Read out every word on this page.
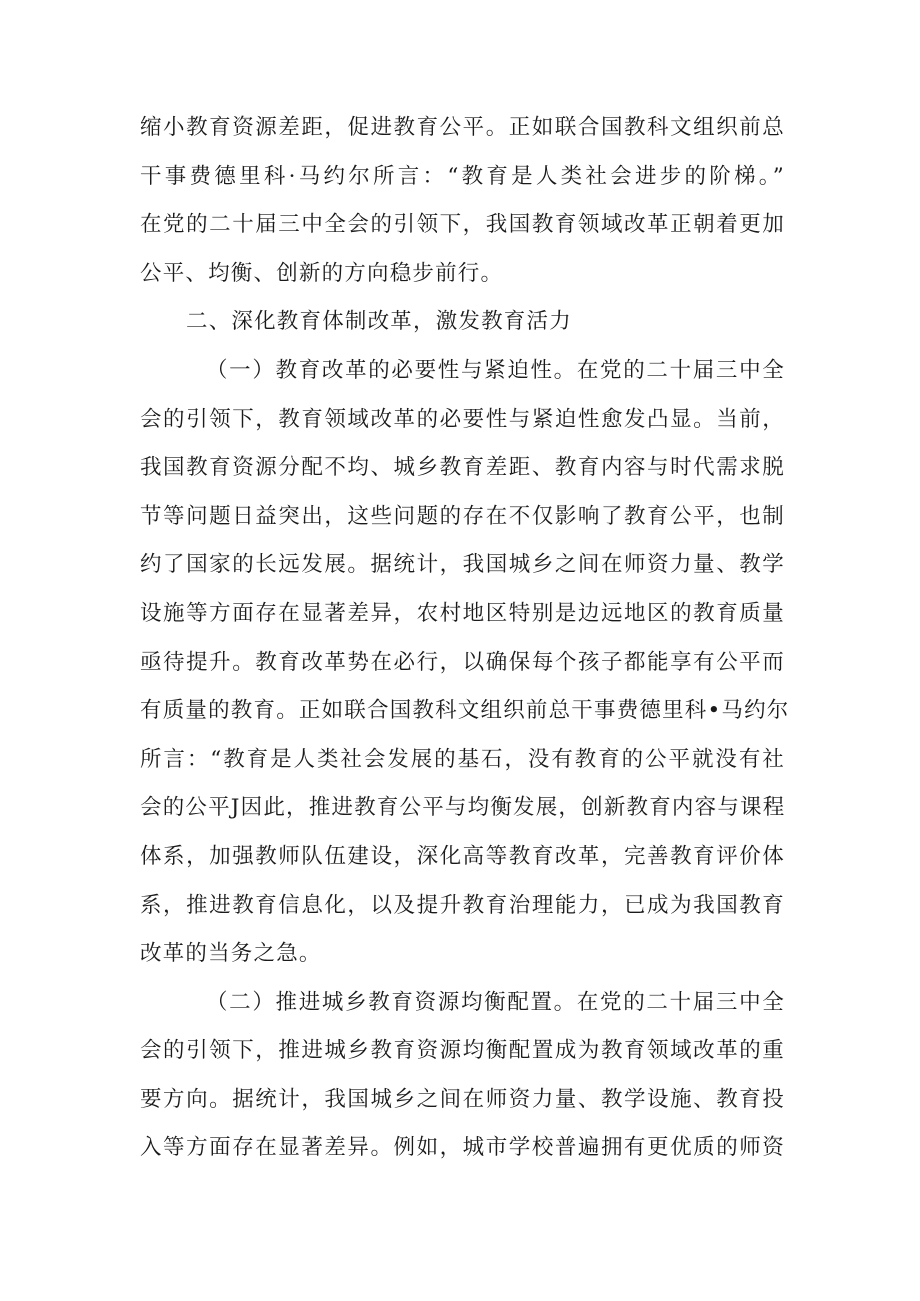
缩小教育资源差距，促进教育公平。正如联合国教科文组织前总
干事费德里科·马约尔所言：“教育是人类社会进步的阶梯。”
在党的二十届三中全会的引领下，我国教育领域改革正朝着更加
公平、均衡、创新的方向稳步前行。
二、深化教育体制改革，激发教育活力
（一）教育改革的必要性与紧迫性。在党的二十届三中全
会的引领下，教育领域改革的必要性与紧迫性愈发凸显。当前，
我国教育资源分配不均、城乡教育差距、教育内容与时代需求脱
节等问题日益突出，这些问题的存在不仅影响了教育公平，也制
约了国家的长远发展。据统计，我国城乡之间在师资力量、教学
设施等方面存在显著差异，农村地区特别是边远地区的教育质量
亟待提升。教育改革势在必行，以确保每个孩子都能享有公平而
有质量的教育。正如联合国教科文组织前总干事费德里科•马约尔
所言：“教育是人类社会发展的基石，没有教育的公平就没有社
会的公平J因此，推进教育公平与均衡发展，创新教育内容与课程
体系，加强教师队伍建设，深化高等教育改革，完善教育评价体
系，推进教育信息化，以及提升教育治理能力，已成为我国教育
改革的当务之急。
（二）推进城乡教育资源均衡配置。在党的二十届三中全
会的引领下，推进城乡教育资源均衡配置成为教育领域改革的重
要方向。据统计，我国城乡之间在师资力量、教学设施、教育投
入等方面存在显著差异。例如，城市学校普遍拥有更优质的师资
